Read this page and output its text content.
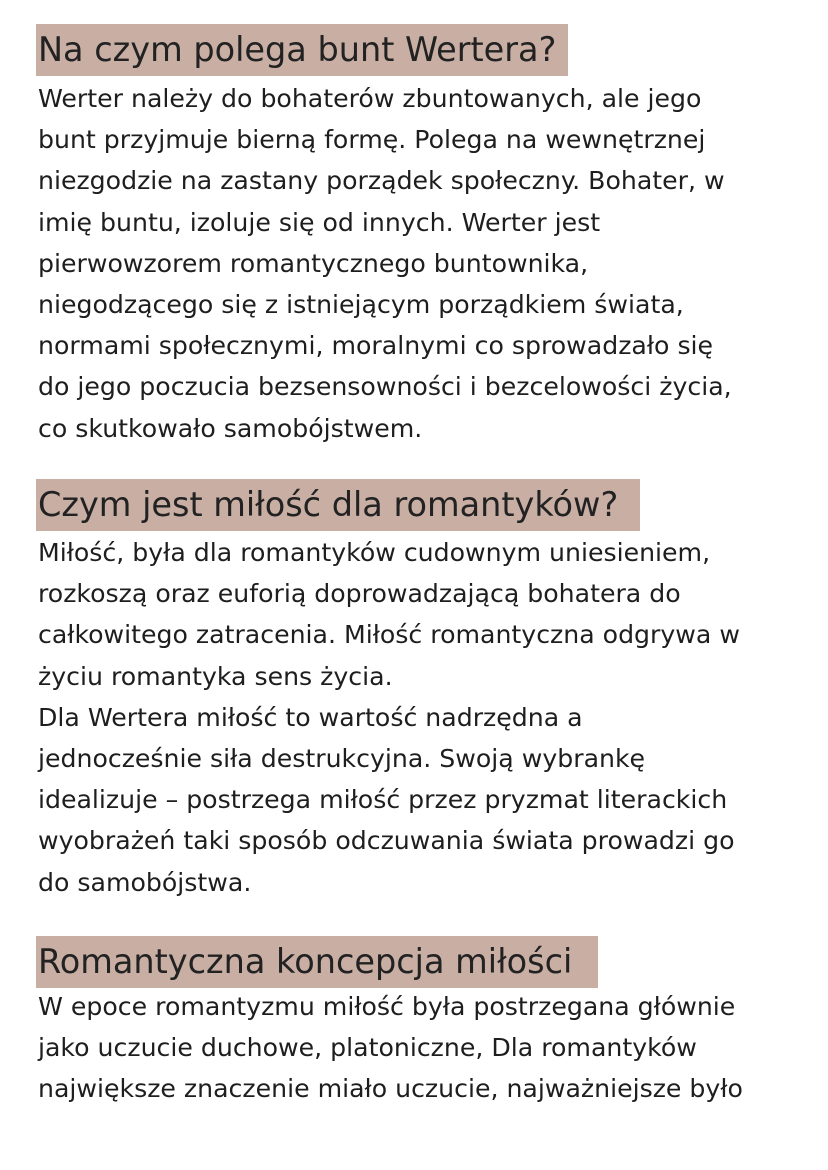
Na czym polega bunt Wertera?
Werter należy do bohaterów zbuntowanych, ale jego
bunt przyjmuje bierną formę. Polega na wewnętrznej
niezgodzie na zastany porządek społeczny. Bohater, w
imię buntu, izoluje się od innych. Werter jest
pierwowzorem romantycznego buntownika,
niegodzącego się z istniejącym porządkiem świata,
normami społecznymi, moralnymi co sprowadzało się
do jego poczucia bezsensowności i bezcelowości życia,
co skutkowało samobójstwem.
Czym jest miłość dla romantyków?
Miłość, była dla romantyków cudownym uniesieniem,
rozkoszą oraz euforią doprowadzającą bohatera do
całkowitego zatracenia. Miłość romantyczna odgrywa w
życiu romantyka sens życia.
Dla Wertera miłość to wartość nadrzędna a
jednocześnie siła destrukcyjna. Swoją wybrankę
idealizuje – postrzega miłość przez pryzmat literackich
wyobrażeń taki sposób odczuwania świata prowadzi go
do samobójstwa.
Romantyczna koncepcja miłości
W epoce romantyzmu miłość była postrzegana głównie
jako uczucie duchowe, platoniczne, Dla romantyków
największe znaczenie miało uczucie, najważniejsze było
